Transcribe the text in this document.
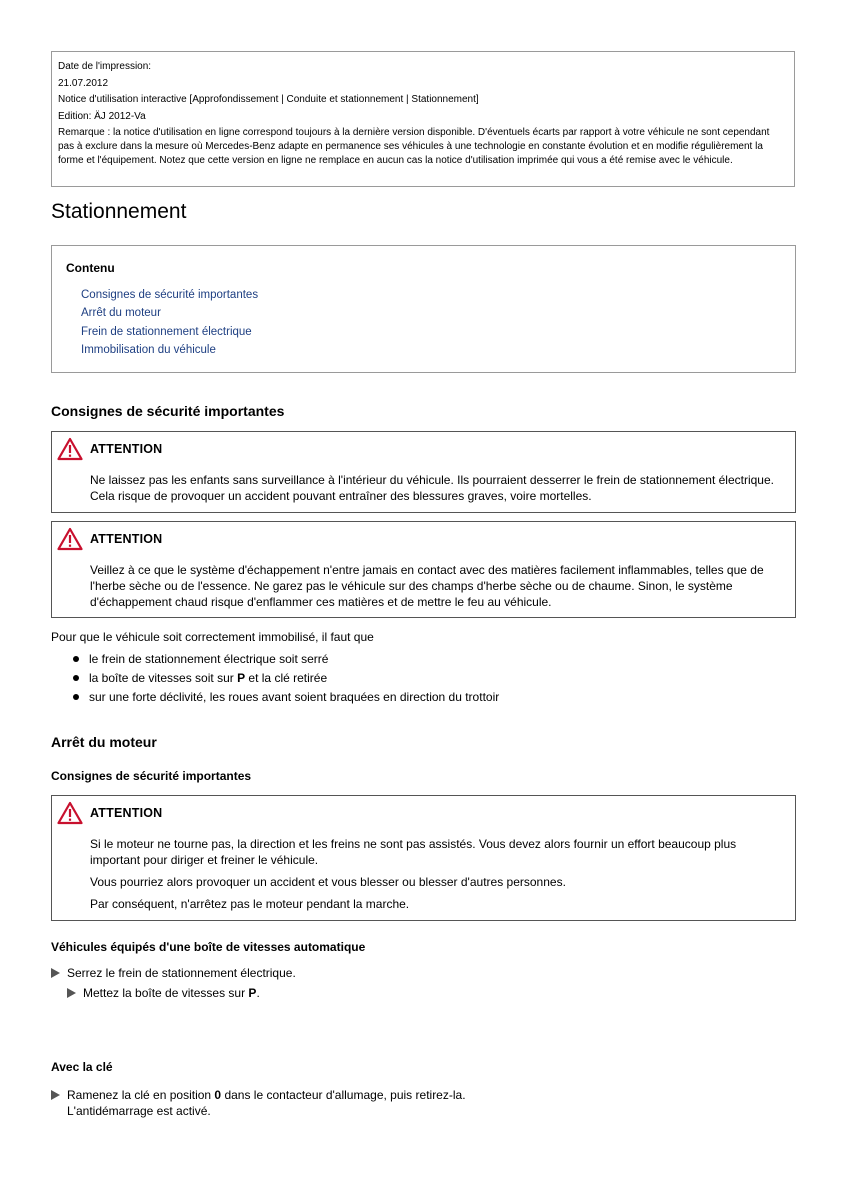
Date de l'impression:

21.07.2012

Notice d'utilisation interactive [Approfondissement | Conduite et stationnement | Stationnement]

Edition: ÄJ 2012-Va

Remarque : la notice d'utilisation en ligne correspond toujours à la dernière version disponible. D'éventuels écarts par rapport à votre véhicule ne sont cependant pas à exclure dans la mesure où Mercedes-Benz adapte en permanence ses véhicules à une technologie en constante évolution et en modifie régulièrement la forme et l'équipement. Notez que cette version en ligne ne remplace en aucun cas la notice d'utilisation imprimée qui vous a été remise avec le véhicule.

Stationnement

Contenu

Consignes de sécurité importantes
Arrêt du moteur
Frein de stationnement électrique
Immobilisation du véhicule
Consignes de sécurité importantes
ATTENTION

Ne laissez pas les enfants sans surveillance à l'intérieur du véhicule. Ils pourraient desserrer le frein de stationnement électrique. Cela risque de provoquer un accident pouvant entraîner des blessures graves, voire mortelles.

ATTENTION

Veillez à ce que le système d'échappement n'entre jamais en contact avec des matières facilement inflammables, telles que de l'herbe sèche ou de l'essence. Ne garez pas le véhicule sur des champs d'herbe sèche ou de chaume. Sinon, le système d'échappement chaud risque d'enflammer ces matières et de mettre le feu au véhicule.

Pour que le véhicule soit correctement immobilisé, il faut que

le frein de stationnement électrique soit serré
la boîte de vitesses soit sur P et la clé retirée
sur une forte déclivité, les roues avant soient braquées en direction du trottoir
Arrêt du moteur
Consignes de sécurité importantes
ATTENTION

Si le moteur ne tourne pas, la direction et les freins ne sont pas assistés. Vous devez alors fournir un effort beaucoup plus important pour diriger et freiner le véhicule.

Vous pourriez alors provoquer un accident et vous blesser ou blesser d'autres personnes.

Par conséquent, n'arrêtez pas le moteur pendant la marche.

Véhicules équipés d'une boîte de vitesses automatique
Serrez le frein de stationnement électrique.
Mettez la boîte de vitesses sur P.
Avec la clé
Ramenez la clé en position 0 dans le contacteur d'allumage, puis retirez-la.
L'antidémarrage est activé.
